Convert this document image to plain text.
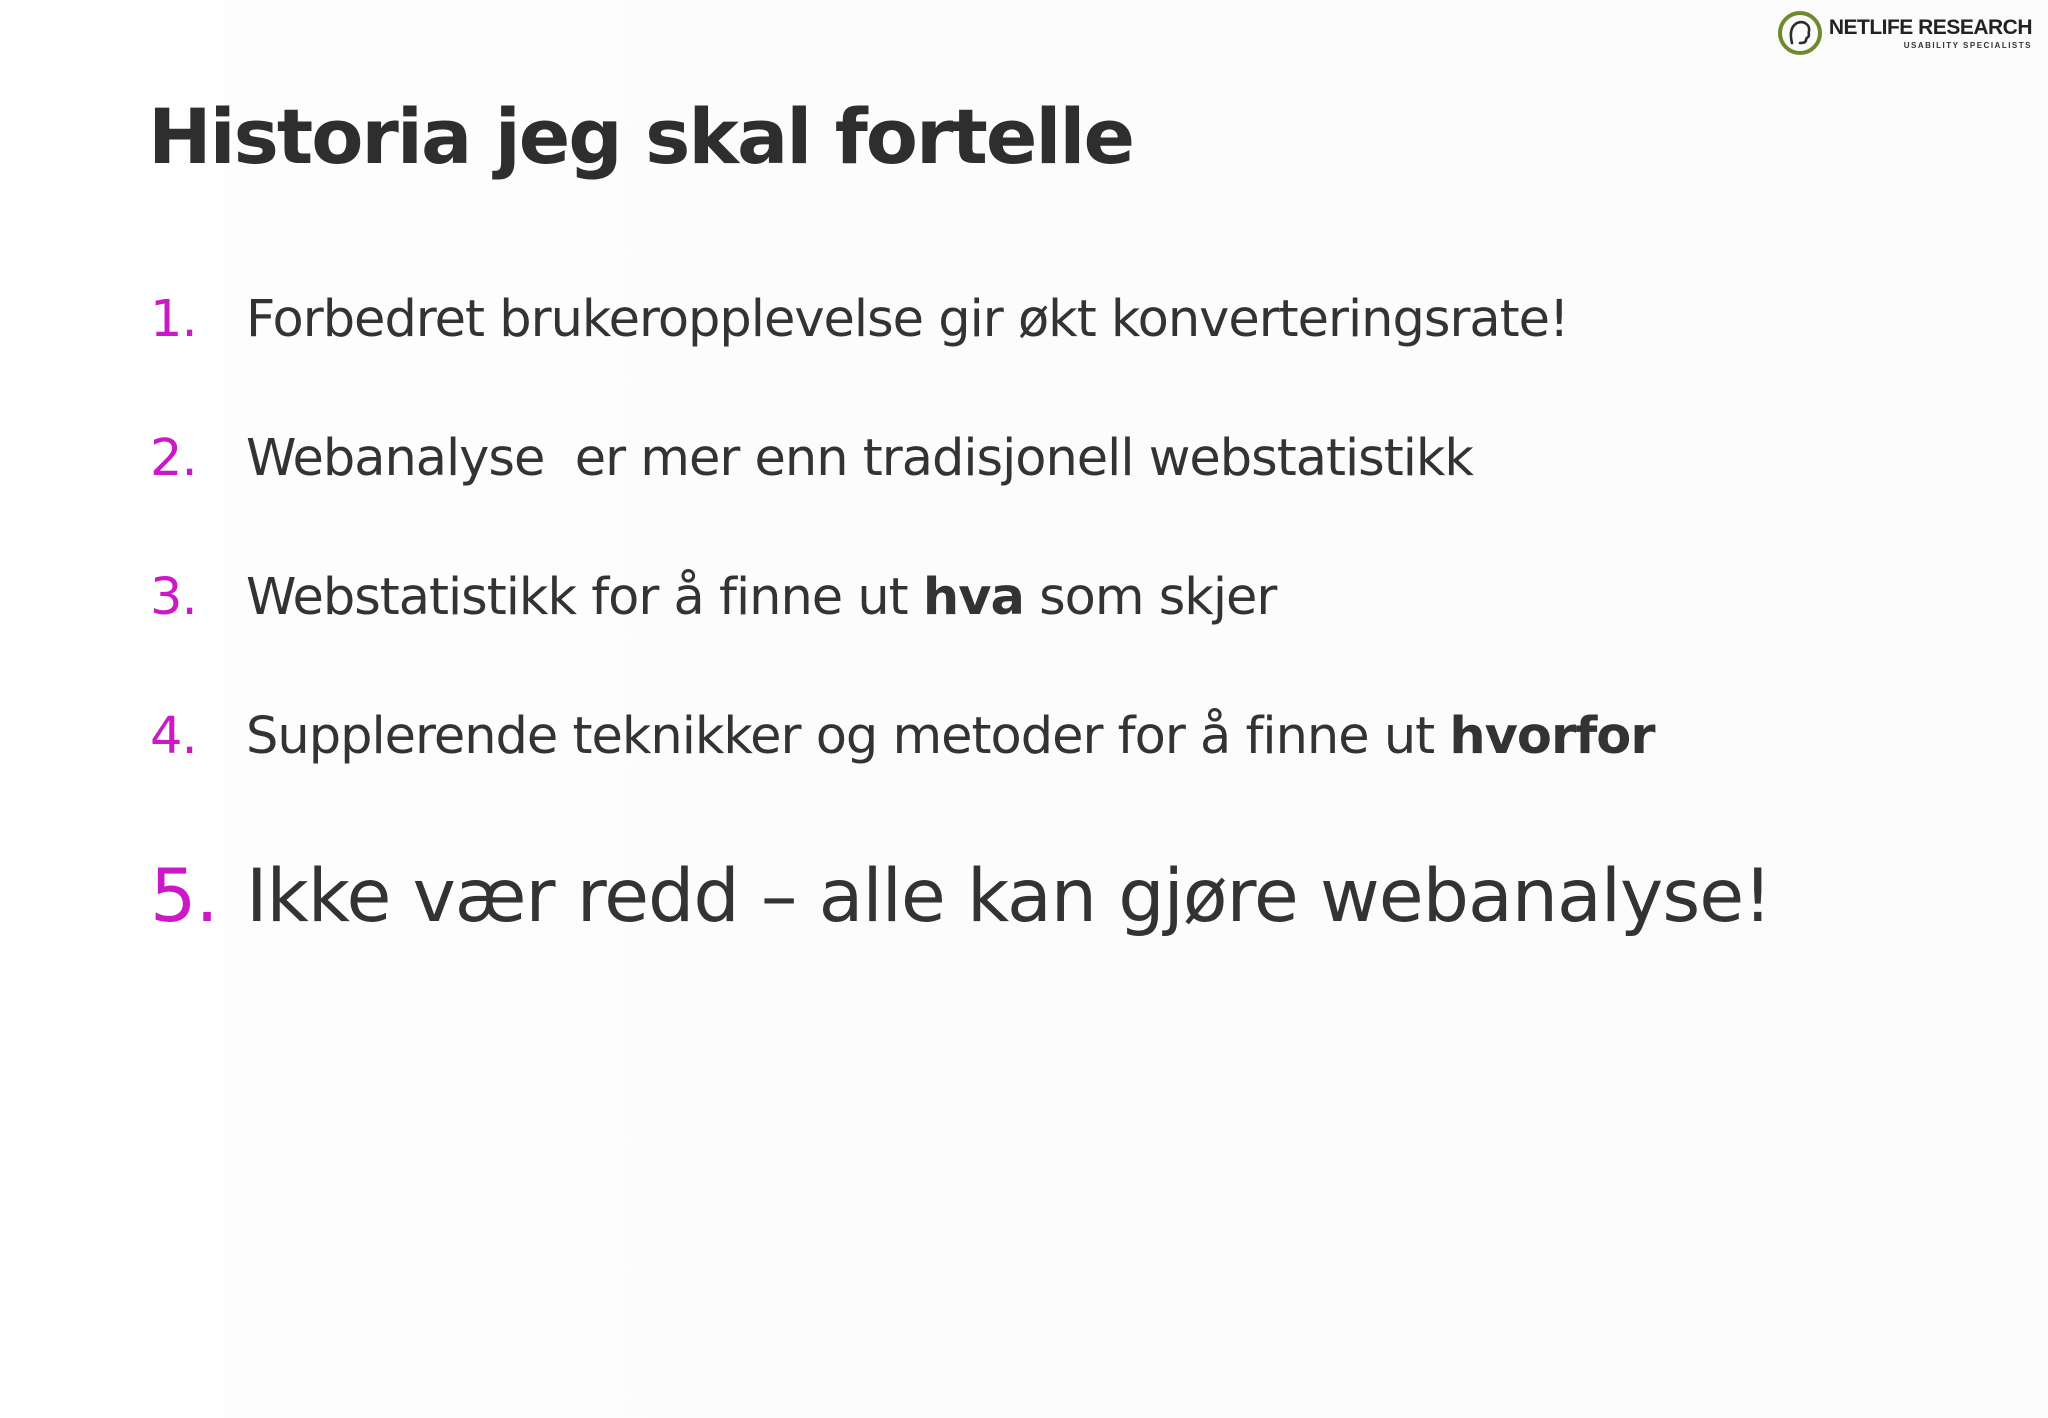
NETLIFE RESEARCH
USABILITY SPECIALISTS
Historia jeg skal fortelle
1. Forbedret brukeropplevelse gir økt konverteringsrate!
2. Webanalyse  er mer enn tradisjonell webstatistikk
3. Webstatistikk for å finne ut hva som skjer
4. Supplerende teknikker og metoder for å finne ut hvorfor
5. Ikke vær redd – alle kan gjøre webanalyse!
